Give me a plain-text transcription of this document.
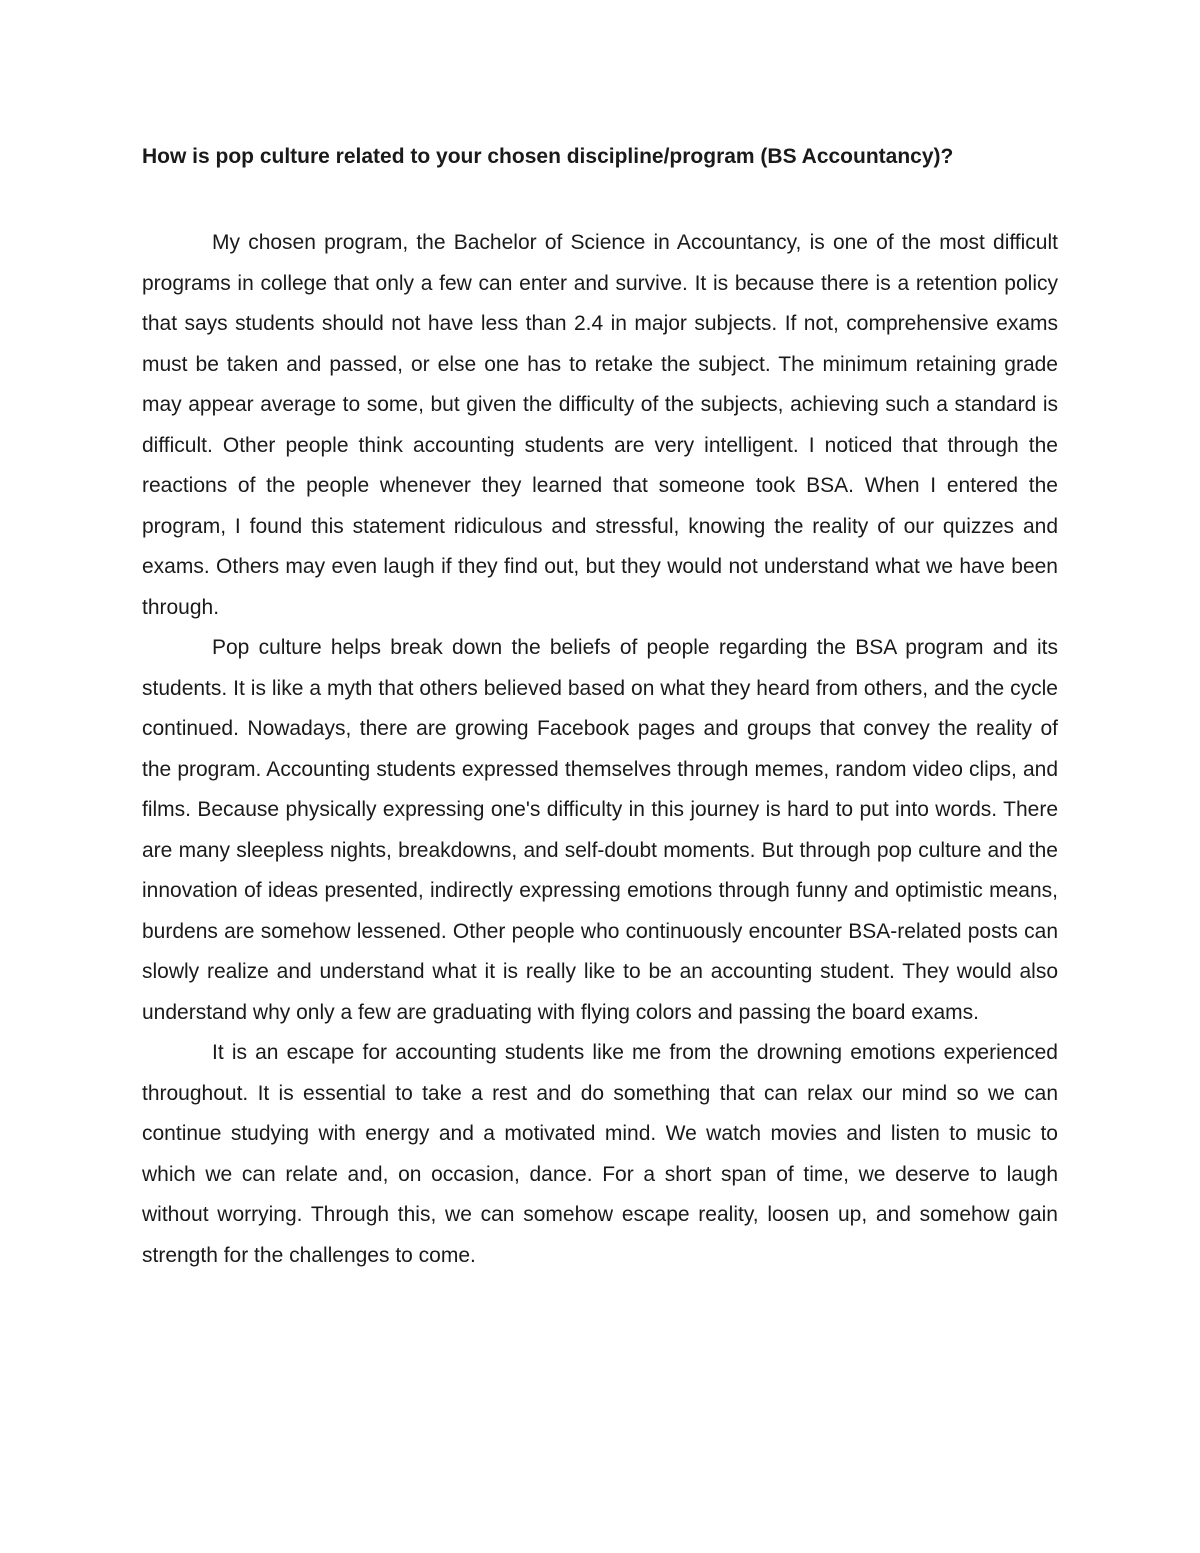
How is pop culture related to your chosen discipline/program (BS Accountancy)?

My chosen program, the Bachelor of Science in Accountancy, is one of the most difficult programs in college that only a few can enter and survive. It is because there is a retention policy that says students should not have less than 2.4 in major subjects. If not, comprehensive exams must be taken and passed, or else one has to retake the subject. The minimum retaining grade may appear average to some, but given the difficulty of the subjects, achieving such a standard is difficult. Other people think accounting students are very intelligent. I noticed that through the reactions of the people whenever they learned that someone took BSA. When I entered the program, I found this statement ridiculous and stressful, knowing the reality of our quizzes and exams. Others may even laugh if they find out, but they would not understand what we have been through.

Pop culture helps break down the beliefs of people regarding the BSA program and its students. It is like a myth that others believed based on what they heard from others, and the cycle continued. Nowadays, there are growing Facebook pages and groups that convey the reality of the program. Accounting students expressed themselves through memes, random video clips, and films. Because physically expressing one's difficulty in this journey is hard to put into words. There are many sleepless nights, breakdowns, and self-doubt moments. But through pop culture and the innovation of ideas presented, indirectly expressing emotions through funny and optimistic means, burdens are somehow lessened. Other people who continuously encounter BSA-related posts can slowly realize and understand what it is really like to be an accounting student. They would also understand why only a few are graduating with flying colors and passing the board exams.

It is an escape for accounting students like me from the drowning emotions experienced throughout. It is essential to take a rest and do something that can relax our mind so we can continue studying with energy and a motivated mind. We watch movies and listen to music to which we can relate and, on occasion, dance. For a short span of time, we deserve to laugh without worrying. Through this, we can somehow escape reality, loosen up, and somehow gain strength for the challenges to come.
